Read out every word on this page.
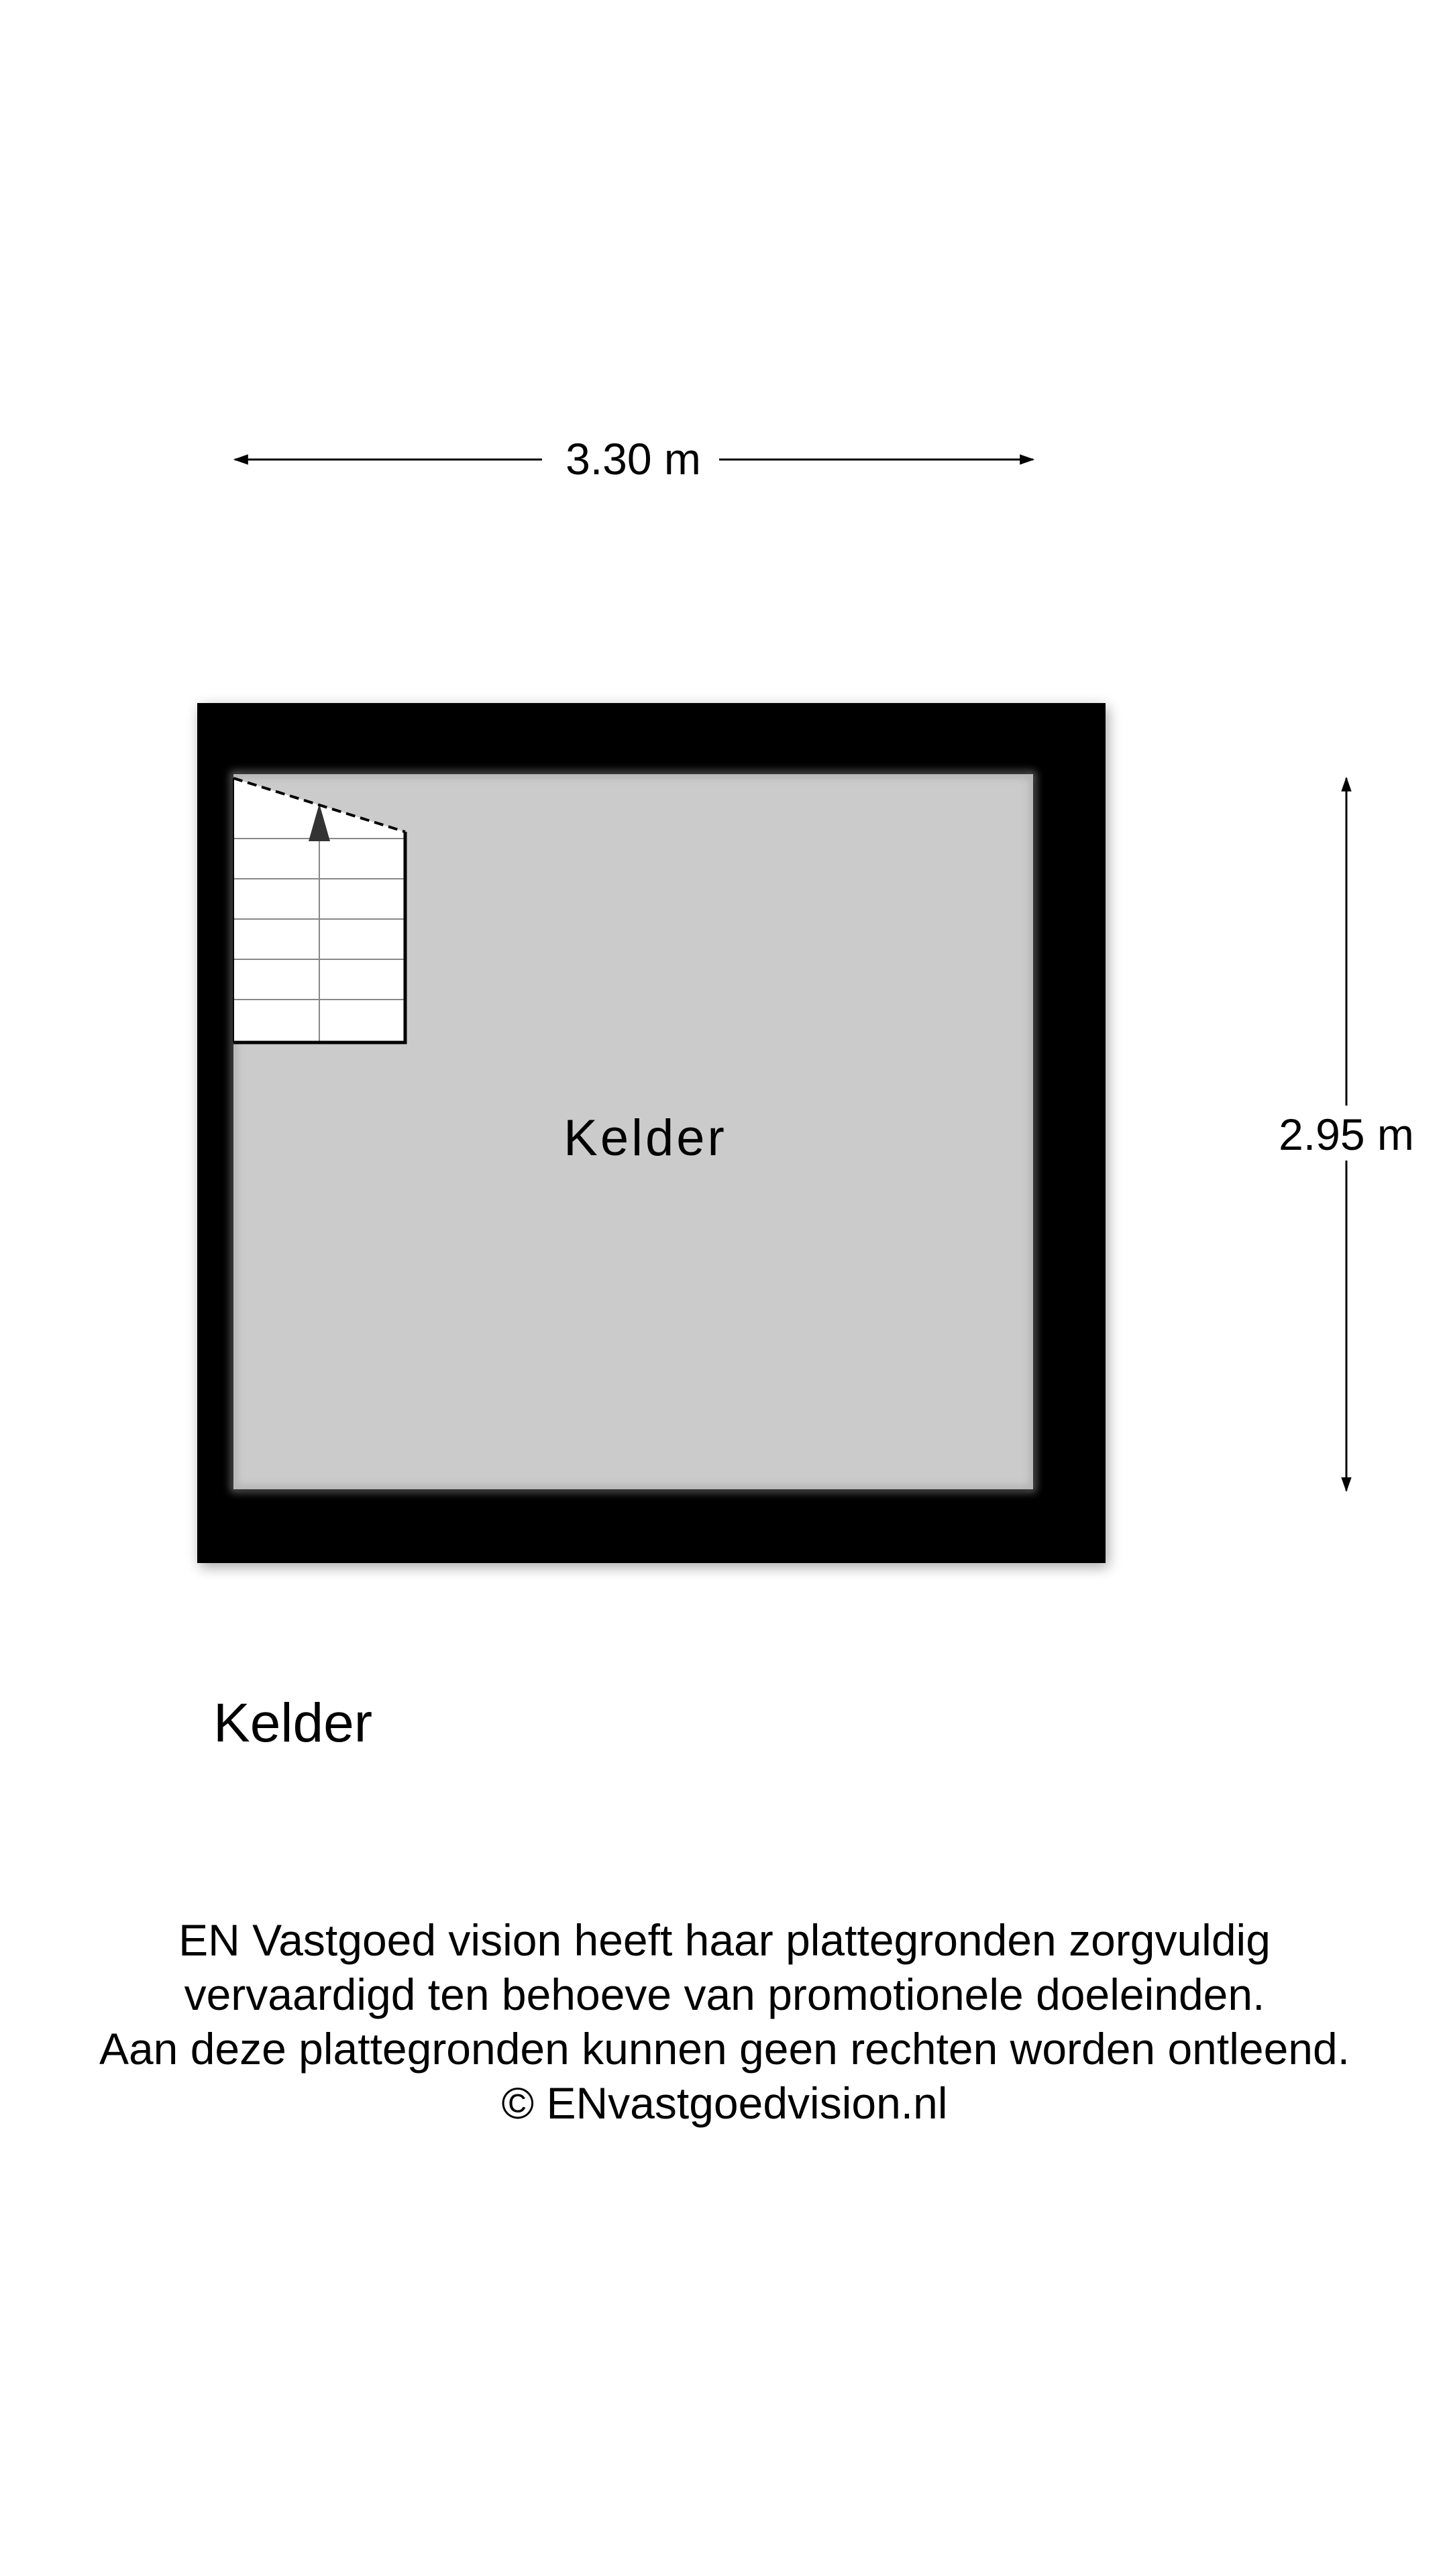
3.30 m
2.95 m
Kelder
Kelder
EN Vastgoed vision heeft haar plattegronden zorgvuldig
vervaardigd ten behoeve van promotionele doeleinden.
Aan deze plattegronden kunnen geen rechten worden ontleend.
© ENvastgoedvision.nl
